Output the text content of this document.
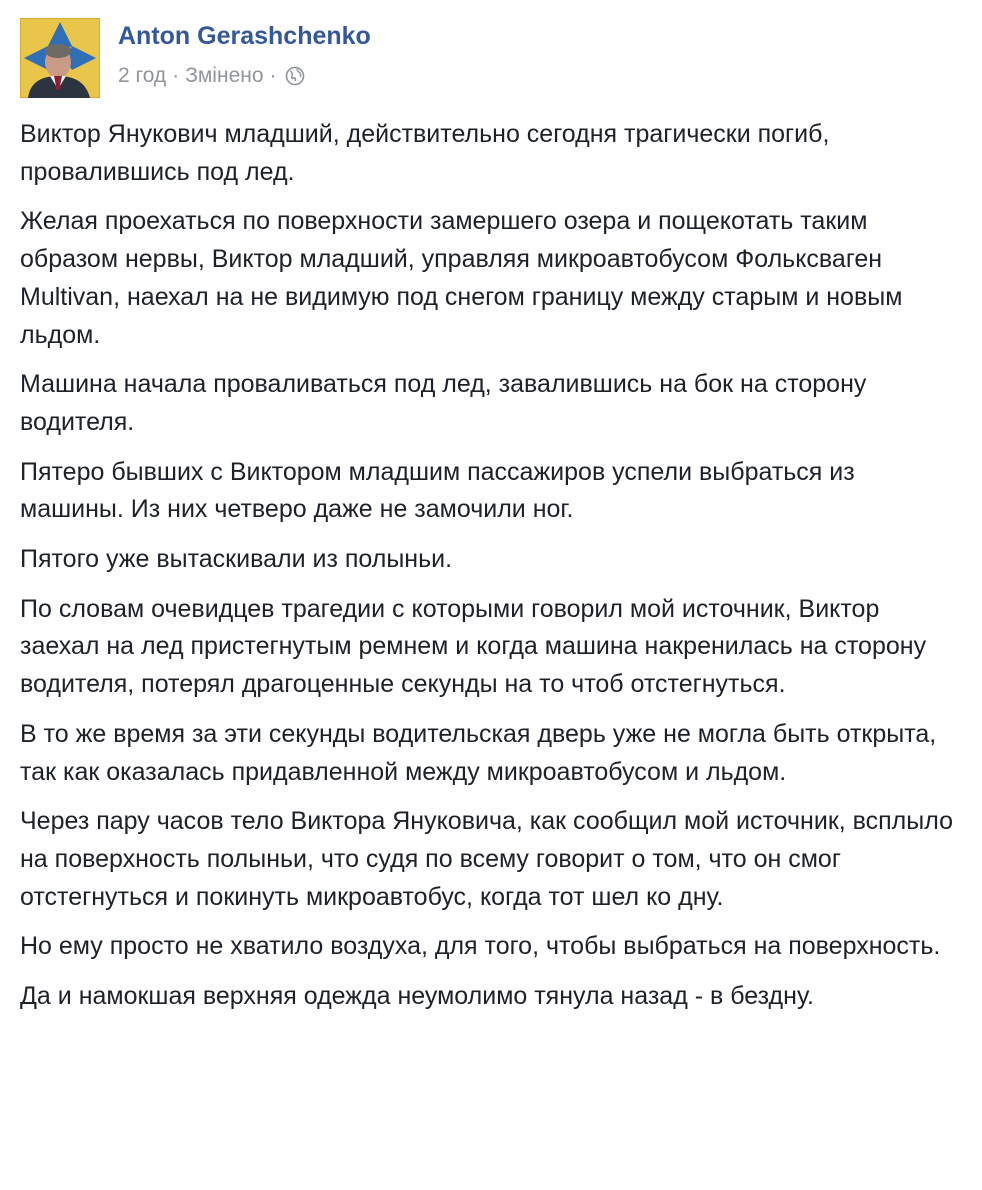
Anton Gerashchenko
2 год · Змінено ·

Виктор Янукович младший, действительно сегодня трагически погиб, провалившись под лед.

Желая проехаться по поверхности замершего озера и пощекотать таким образом нервы, Виктор младший, управляя микроавтобусом Фольксваген Multivan, наехал на не видимую под снегом границу между старым и новым льдом.

Машина начала проваливаться под лед, завалившись на бок на сторону водителя.

Пятеро бывших с Виктором младшим пассажиров успели выбраться из машины. Из них четверо даже не замочили ног.

Пятого уже вытаскивали из полыньи.

По словам очевидцев трагедии с которыми говорил мой источник, Виктор заехал на лед пристегнутым ремнем и когда машина накренилась на сторону водителя, потерял драгоценные секунды на то чтоб отстегнуться.

В то же время за эти секунды водительская дверь уже не могла быть открыта, так как оказалась придавленной между микроавтобусом и льдом.

Через пару часов тело Виктора Януковича, как сообщил мой источник, всплыло на поверхность полыньи, что судя по всему говорит о том, что он смог отстегнуться и покинуть микроавтобус, когда тот шел ко дну.

Но ему просто не хватило воздуха, для того, чтобы выбраться на поверхность.

Да и намокшая верхняя одежда неумолимо тянула назад - в бездну.
